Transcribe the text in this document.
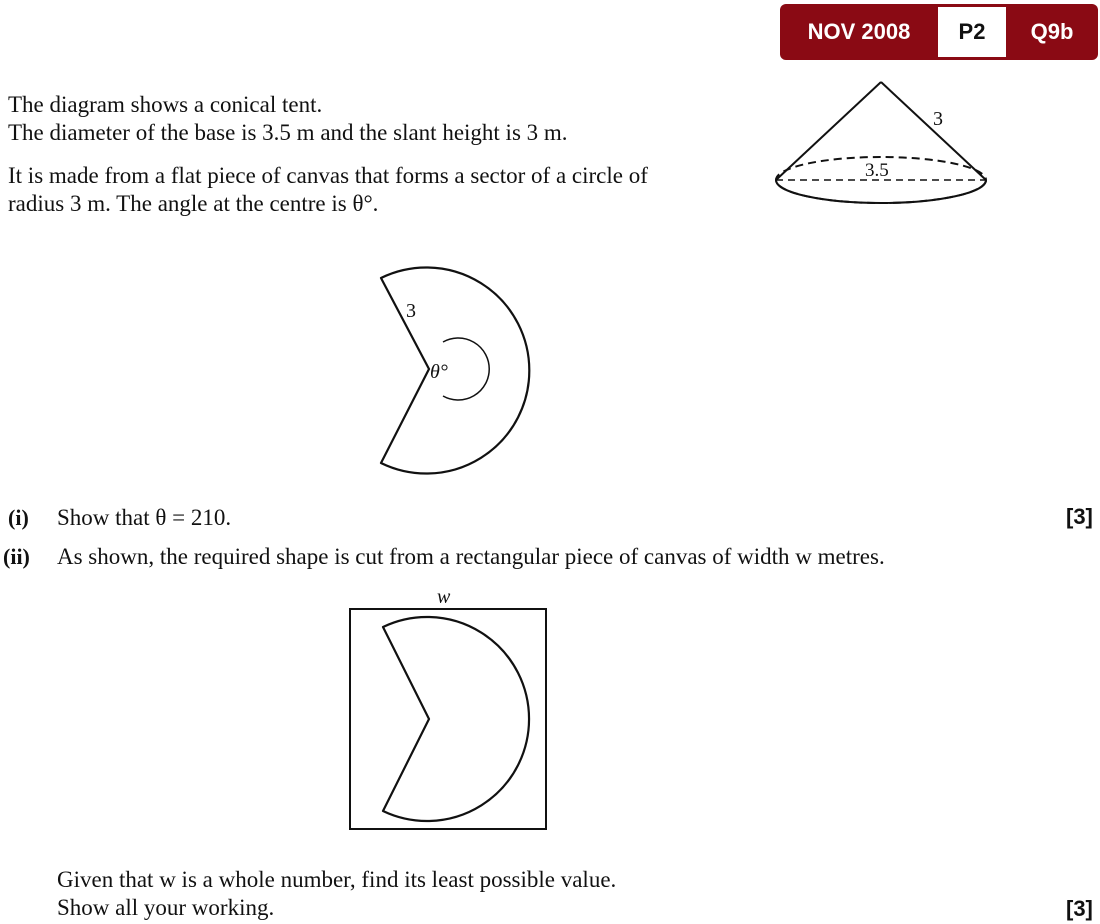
NOV 2008	P2	Q9b
The diagram shows a conical tent.
The diameter of the base is 3.5 m and the slant height is 3 m.
It is made from a flat piece of canvas that forms a sector of a circle of
radius 3 m. The angle at the centre is θ°.
3
3.5
3
θ°
(i) Show that θ = 210.	[3]
(ii) As shown, the required shape is cut from a rectangular piece of canvas of width w metres.
w
Given that w is a whole number, find its least possible value.
Show all your working.	[3]
